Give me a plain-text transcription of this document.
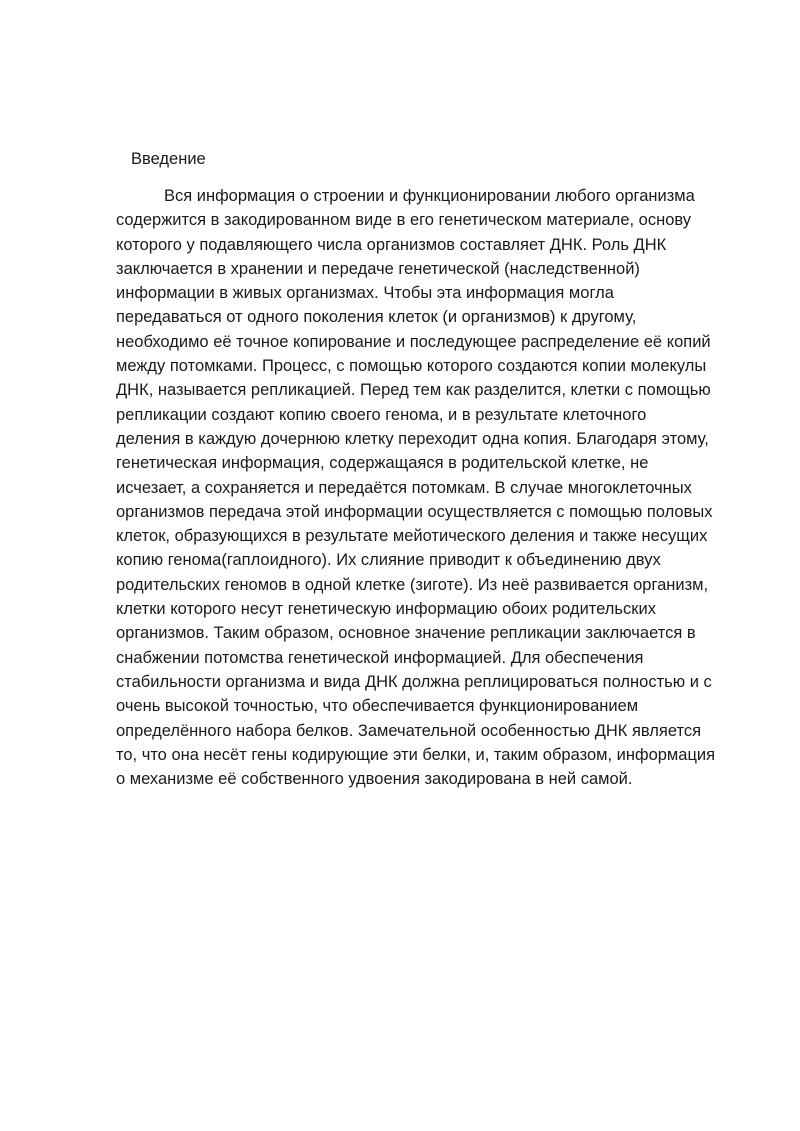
Введение
Вся информация о строении и функционировании любого организма
содержится в закодированном виде в его генетическом материале, основу
которого у подавляющего числа организмов составляет ДНК. Роль ДНК
заключается в хранении и передаче генетической (наследственной)
информации в живых организмах. Чтобы эта информация могла
передаваться от одного поколения клеток (и организмов) к другому,
необходимо её точное копирование и последующее распределение её копий
между потомками. Процесс, с помощью которого создаются копии молекулы
ДНК, называется репликацией. Перед тем как разделится, клетки с помощью
репликации создают копию своего генома, и в результате клеточного
деления в каждую дочернюю клетку переходит одна копия. Благодаря этому,
генетическая информация, содержащаяся в родительской клетке, не
исчезает, а сохраняется и передаётся потомкам. В случае многоклеточных
организмов передача этой информации осуществляется с помощью половых
клеток, образующихся в результате мейотического деления и также несущих
копию генома(гаплоидного). Их слияние приводит к объединению двух
родительских геномов в одной клетке (зиготе). Из неё развивается организм,
клетки которого несут генетическую информацию обоих родительских
организмов. Таким образом, основное значение репликации заключается в
снабжении потомства генетической информацией. Для обеспечения
стабильности организма и вида ДНК должна реплицироваться полностью и с
очень высокой точностью, что обеспечивается функционированием
определённого набора белков. Замечательной особенностью ДНК является
то, что она несёт гены кодирующие эти белки, и, таким образом, информация
о механизме её собственного удвоения закодирована в ней самой.
